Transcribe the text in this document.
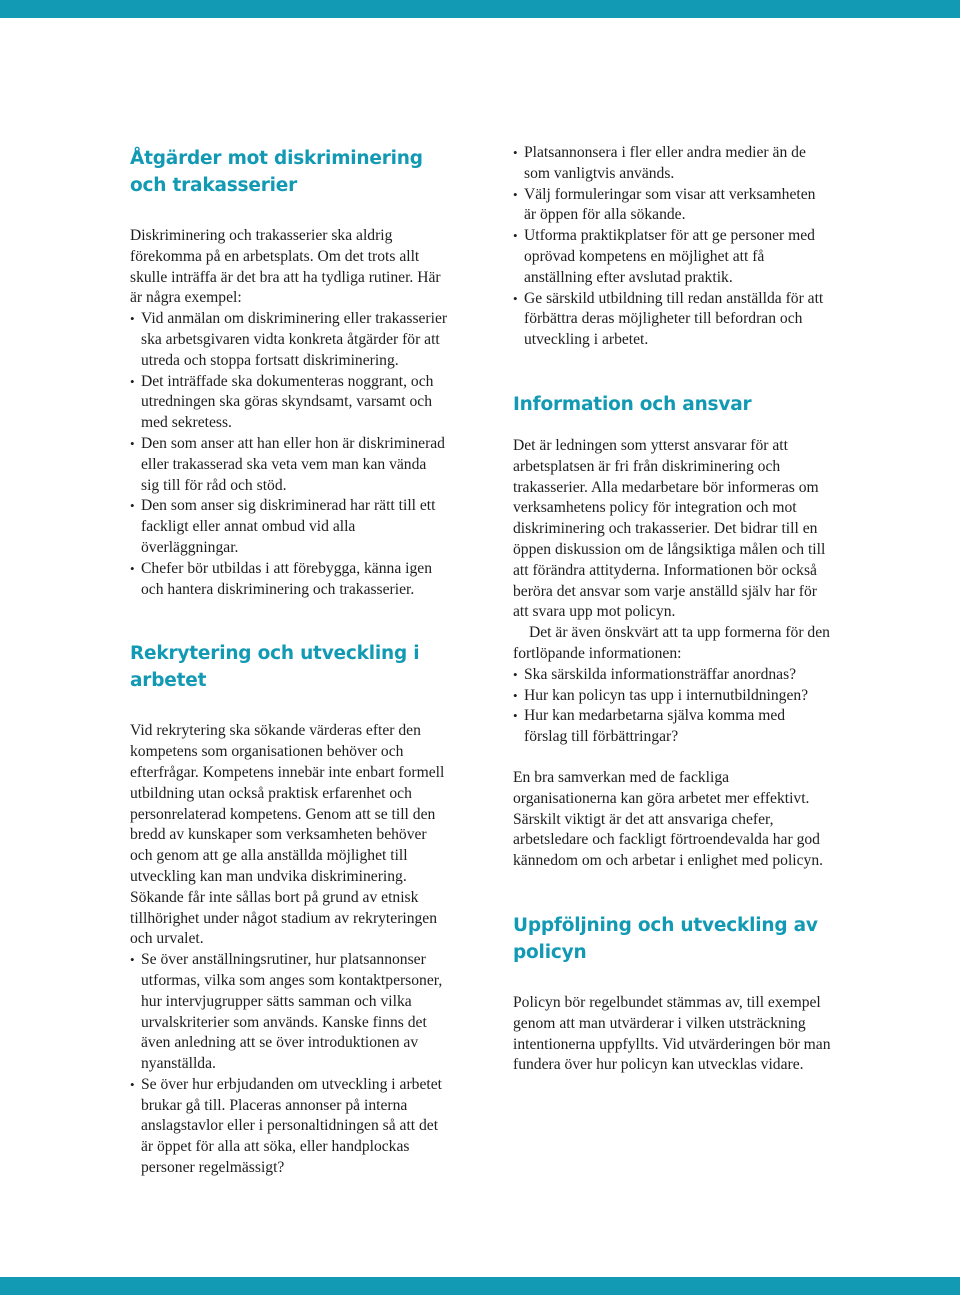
Åtgärder mot diskriminering och trakasserier

Diskriminering och trakasserier ska aldrig förekomma på en arbetsplats. Om det trots allt skulle inträffa är det bra att ha tydliga rutiner. Här är några exempel:

• Vid anmälan om diskriminering eller trakasserier ska arbetsgivaren vidta konkreta åtgärder för att utreda och stoppa fortsatt diskriminering.
• Det inträffade ska dokumenteras noggrant, och utredningen ska göras skyndsamt, varsamt och med sekretess.
• Den som anser att han eller hon är diskriminerad eller trakasserad ska veta vem man kan vända sig till för råd och stöd.
• Den som anser sig diskriminerad har rätt till ett fackligt eller annat ombud vid alla överläggningar.
• Chefer bör utbildas i att förebygga, känna igen och hantera diskriminering och trakasserier.
Rekrytering och utveckling i arbetet

Vid rekrytering ska sökande värderas efter den kompetens som organisationen behöver och efterfrågar. Kompetens innebär inte enbart formell utbildning utan också praktisk erfarenhet och personrelaterad kompetens. Genom att se till den bredd av kunskaper som verksamheten behöver och genom att ge alla anställda möjlighet till utveckling kan man undvika diskriminering. Sökande får inte sållas bort på grund av etnisk tillhörighet under något stadium av rekryteringen och urvalet.

• Se över anställningsrutiner, hur platsannonser utformas, vilka som anges som kontaktpersoner, hur intervjugrupper sätts samman och vilka urvalskriterier som används. Kanske finns det även anledning att se över introduktionen av nyanställda.
• Se över hur erbjudanden om utveckling i arbetet brukar gå till. Placeras annonser på interna anslagstavlor eller i personaltidningen så att det är öppet för alla att söka, eller handplockas personer regelmässigt?
• Platsannonsera i fler eller andra medier än de som vanligtvis används.
• Välj formuleringar som visar att verksamheten är öppen för alla sökande.
• Utforma praktikplatser för att ge personer med oprövad kompetens en möjlighet att få anställning efter avslutad praktik.
• Ge särskild utbildning till redan anställda för att förbättra deras möjligheter till befordran och utveckling i arbetet.
Information och ansvar

Det är ledningen som ytterst ansvarar för att arbetsplatsen är fri från diskriminering och trakasserier. Alla medarbetare bör informeras om verksamhetens policy för integration och mot diskriminering och trakasserier. Det bidrar till en öppen diskussion om de långsiktiga målen och till att förändra attityderna. Informationen bör också beröra det ansvar som varje anställd själv har för att svara upp mot policyn.

Det är även önskvärt att ta upp formerna för den fortlöpande informationen:

• Ska särskilda informationsträffar anordnas?
• Hur kan policyn tas upp i internutbildningen?
• Hur kan medarbetarna själva komma med förslag till förbättringar?

En bra samverkan med de fackliga organisationerna kan göra arbetet mer effektivt. Särskilt viktigt är det att ansvariga chefer, arbetsledare och fackligt förtroendevalda har god kännedom om och arbetar i enlighet med policyn.

Uppföljning och utveckling av policyn

Policyn bör regelbundet stämmas av, till exempel genom att man utvärderar i vilken utsträckning intentionerna uppfyllts. Vid utvärderingen bör man fundera över hur policyn kan utvecklas vidare.
